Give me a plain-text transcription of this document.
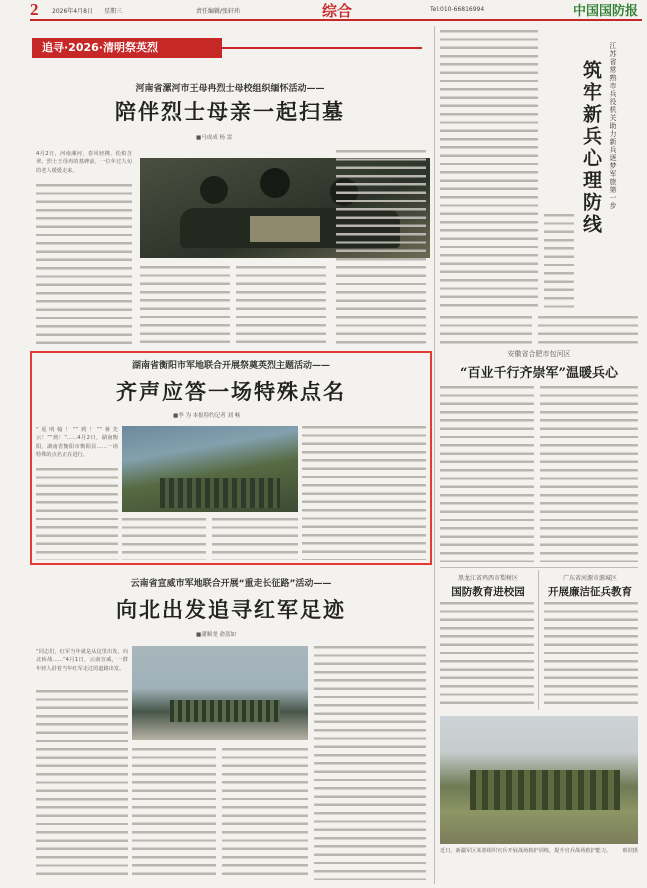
2 2026年4月8日 星期三	责任编辑/张轩玮	综合	Tel:010-66816994	中国国防报
追寻·2026·清明祭英烈
河南省漯河市王母冉烈士母校组织缅怀活动——
陪伴烈士母亲一起扫墓
■马成成 杨 雷
4月2日，河南漯河，春风轻拂，松柏含翠。烈士王母冉的墓碑前，一位年过九旬的老人缓缓走来。
湖南省衡阳市军地联合开展祭奠英烈主题活动——
齐声应答一场特殊点名
■李 为 本报特约记者 刘 畅
“夏明翰！”“到！”“蒋先云！”“到！”……4月2日，湖南衡阳，湖南省衡阳市衡阳县……一场特殊的点名正在进行。
云南省宣威市军地联合开展“重走长征路”活动——
向北出发追寻红军足迹
■潘顺尧 俞蓝如
“同志们，红军当年就是从这里出发，向北转战……”4月1日，云南宣威，一群年轻人沿着当年红军走过的道路出发。
江苏省常熟市兵役机关助力新兵逐梦军旅第一步
筑牢新兵心理防线
安徽省合肥市包河区
“百业千行齐崇军”温暖兵心
黑龙江省鸡西市梨树区
国防教育进校园
广东省河源市源城区
开展廉洁征兵教育
近日，新疆军区某部组织官兵开展战场救护训练，提升官兵战场救护能力。 蔡滨摄
